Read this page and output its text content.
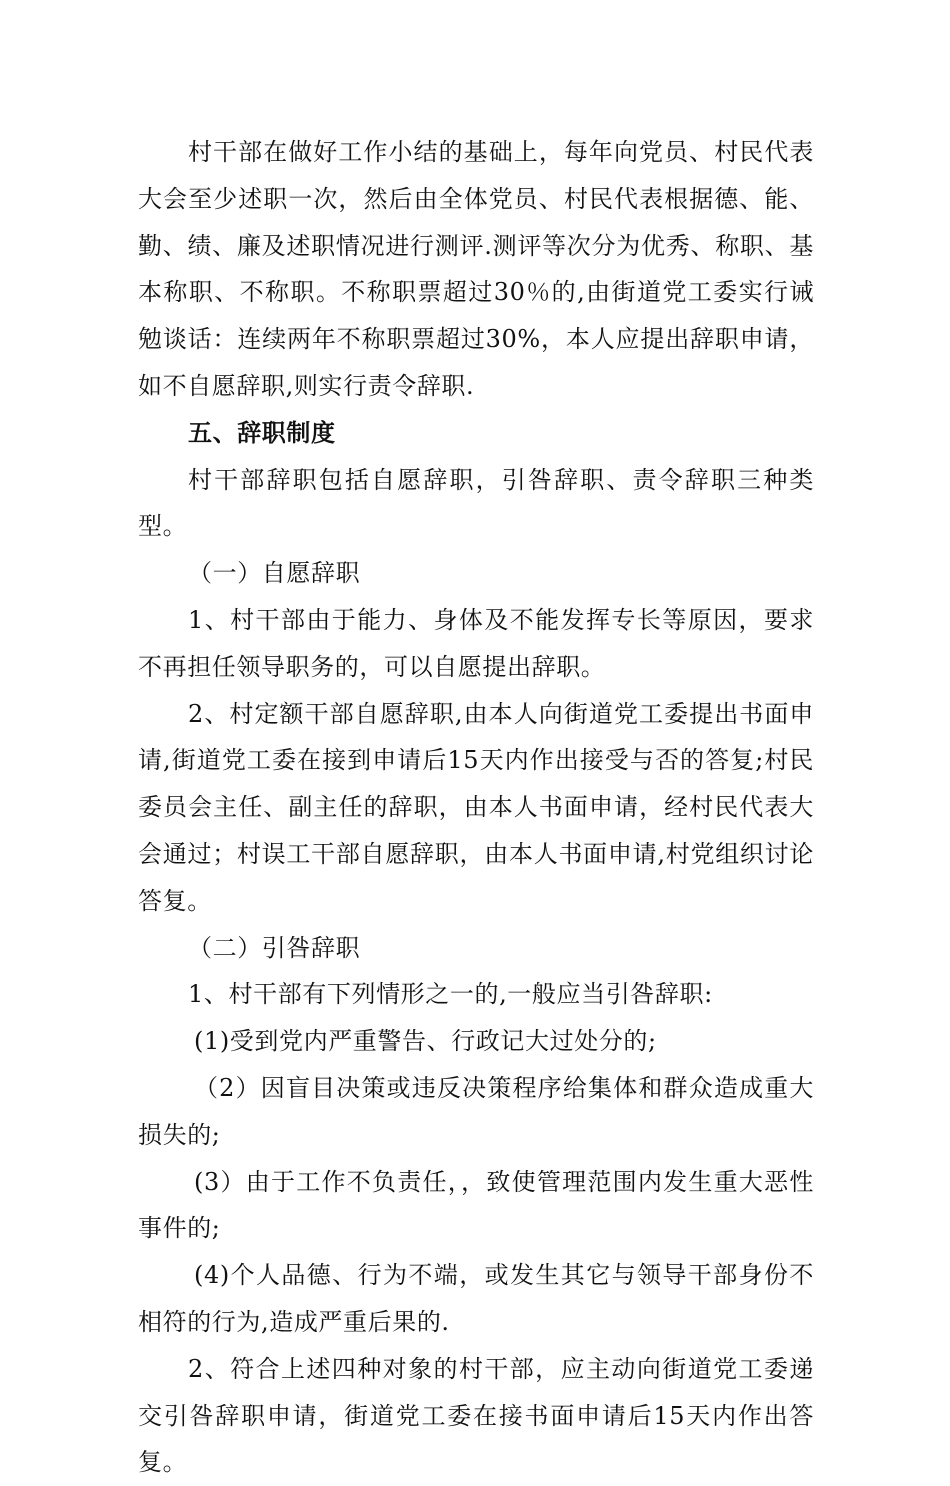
村干部在做好工作小结的基础上，每年向党员、村民代表大会至少述职一次，然后由全体党员、村民代表根据德、能、勤、绩、廉及述职情况进行测评.测评等次分为优秀、称职、基本称职、不称职。不称职票超过30％的,由街道党工委实行诫勉谈话：连续两年不称职票超过30%，本人应提出辞职申请，如不自愿辞职,则实行责令辞职.

五、辞职制度

村干部辞职包括自愿辞职，引咎辞职、责令辞职三种类型。

（一）自愿辞职

1、村干部由于能力、身体及不能发挥专长等原因，要求不再担任领导职务的，可以自愿提出辞职。

2、村定额干部自愿辞职,由本人向街道党工委提出书面申请,街道党工委在接到申请后15天内作出接受与否的答复;村民委员会主任、副主任的辞职，由本人书面申请，经村民代表大会通过；村误工干部自愿辞职，由本人书面申请,村党组织讨论答复。

（二）引咎辞职

1、村干部有下列情形之一的,一般应当引咎辞职:

(1)受到党内严重警告、行政记大过处分的;

（2）因盲目决策或违反决策程序给集体和群众造成重大损失的;

(3）由于工作不负责任，，致使管理范围内发生重大恶性事件的;

(4)个人品德、行为不端，或发生其它与领导干部身份不相符的行为,造成严重后果的.

2、符合上述四种对象的村干部，应主动向街道党工委递交引咎辞职申请，街道党工委在接书面申请后15天内作出答复。
